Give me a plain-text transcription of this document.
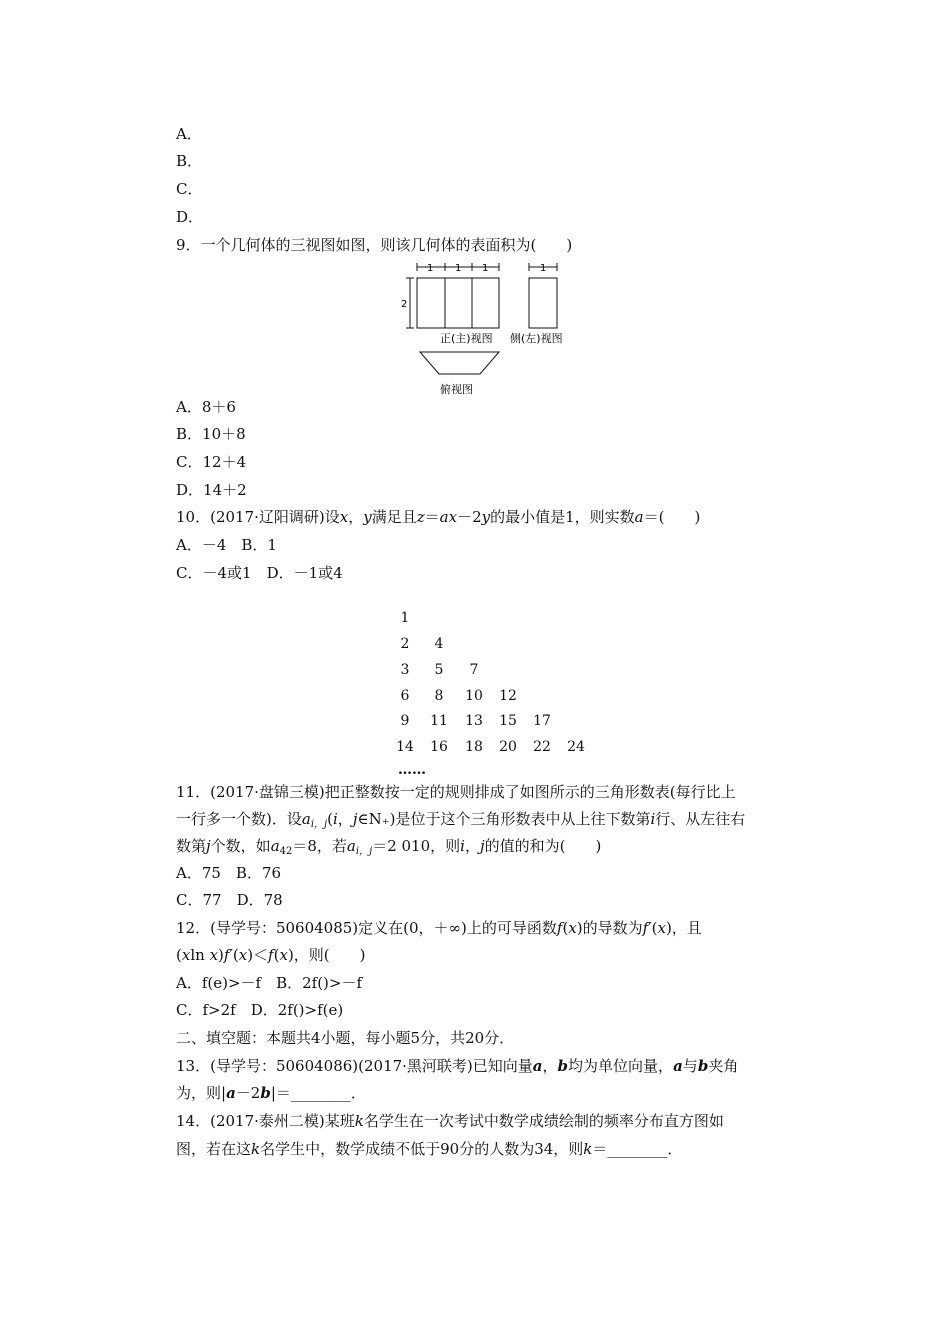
A．
B．
C．
D．
9．一个几何体的三视图如图，则该几何体的表面积为(　　)
1 1 1
2
1
正(主)视图 侧(左)视图
俯视图
A．8＋6
B．10＋8
C．12＋4
D．14＋2
10．(2017·辽阳调研)设x，y满足且z＝ax－2y的最小值是1，则实数a＝(　　)
A．－4　B．1
C．－4或1　D．－1或4
1
2	4
3	5	7
6	8	10	12
9	11	13	15	17
14	16	18	20	22	24
……
11．(2017·盘锦三模)把正整数按一定的规则排成了如图所示的三角形数表(每行比上
一行多一个数)．设$a_{i,j}(i$，j∈N₊)是位于这个三角形数表中从上往下数第i行、从左往右
数第j个数，如$a_{42}=8$，若$a_{i,j}=2$ 010，则i，j的值的和为(　　)
A．75　B．76
C．77　D．78
12．(导学号：50604085)定义在(0，＋∞)上的可导函数f(x)的导数为f′(x)，且
(xln x)f′(x)＜f(x)，则(　　)
A．f(e)>－f　B．2f()>－f
C．f>2f　D．2f()>f(e)
二、填空题：本题共4小题，每小题5分，共20分．
13．(导学号：50604086)(2017·黑河联考)已知向量a，b均为单位向量，a与b夹角
为，则|a－2b|＝________．
14．(2017·泰州二模)某班k名学生在一次考试中数学成绩绘制的频率分布直方图如
图，若在这k名学生中，数学成绩不低于90分的人数为34，则k＝________．
